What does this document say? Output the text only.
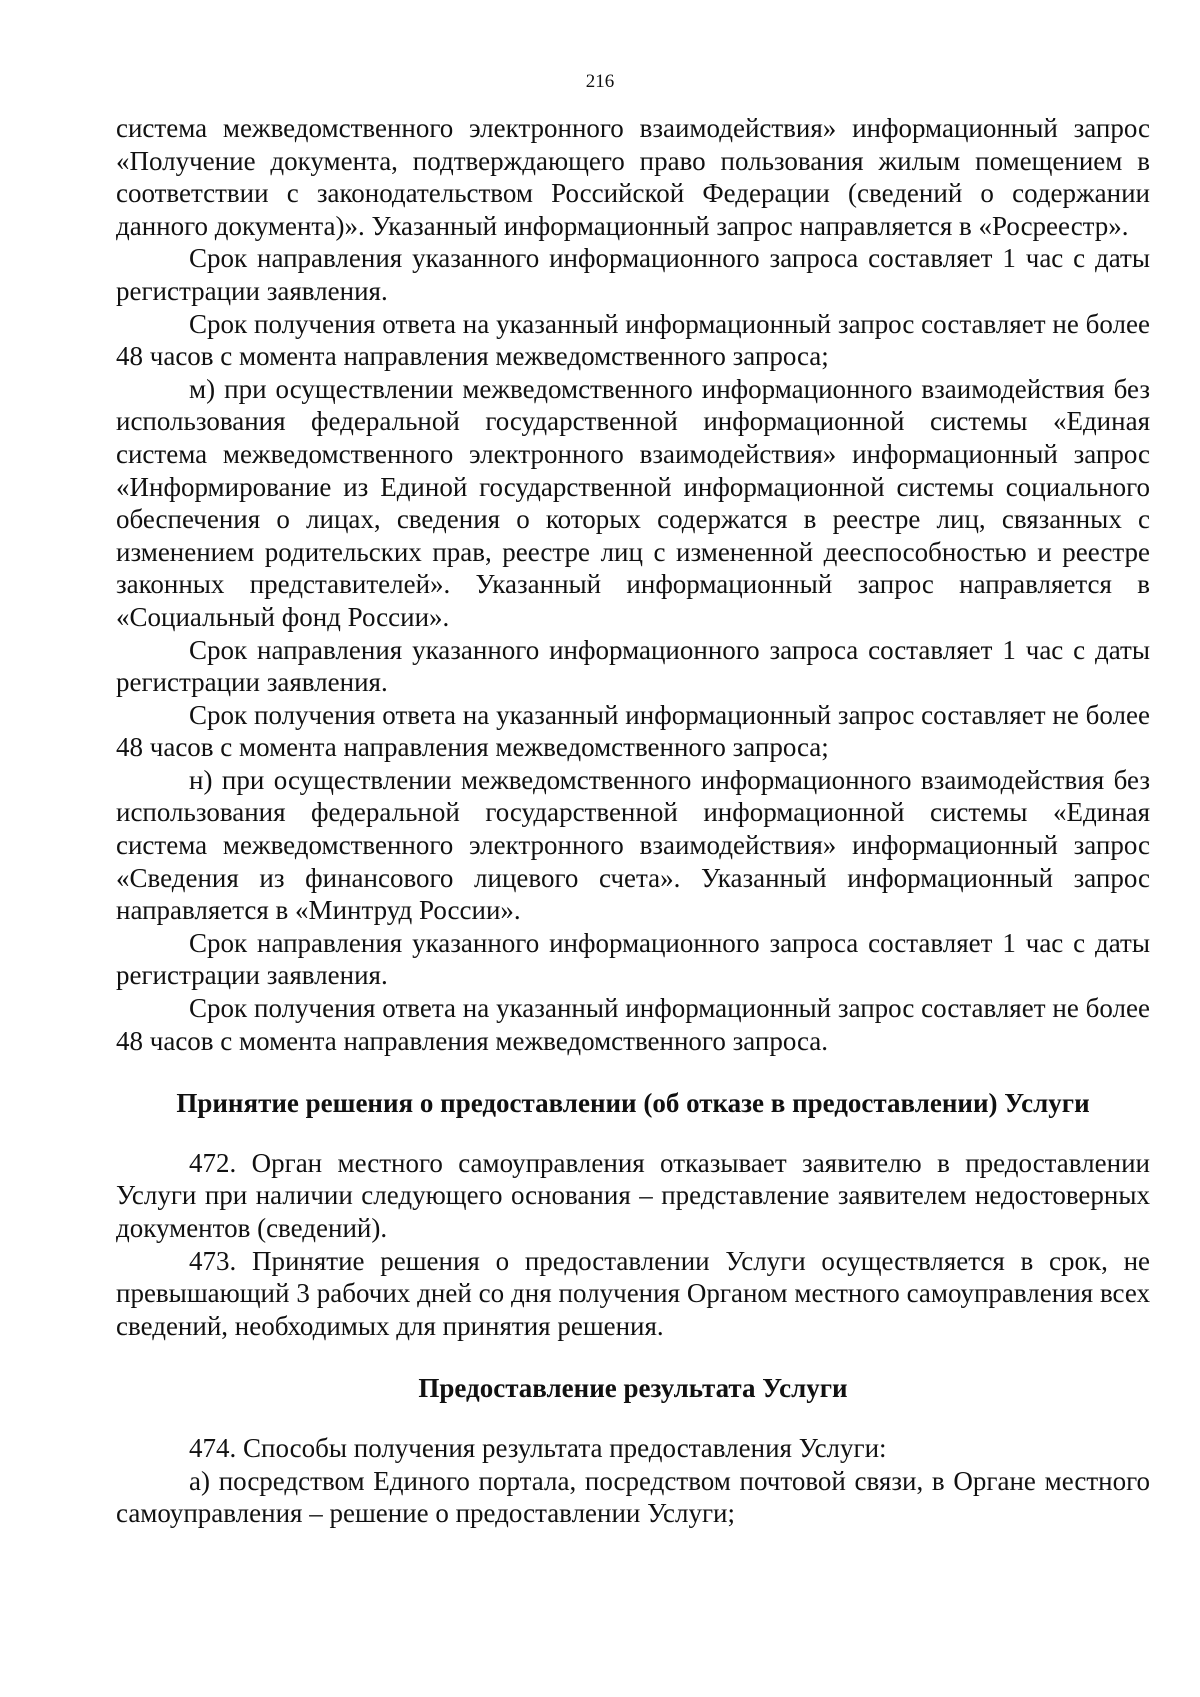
216

система межведомственного электронного взаимодействия» информационный запрос «Получение документа, подтверждающего право пользования жилым помещением в соответствии с законодательством Российской Федерации (сведений о содержании данного документа)». Указанный информационный запрос направляется в «Росреестр».

Срок направления указанного информационного запроса составляет 1 час с даты регистрации заявления.

Срок получения ответа на указанный информационный запрос составляет не более 48 часов с момента направления межведомственного запроса;

м) при осуществлении межведомственного информационного взаимодействия без использования федеральной государственной информационной системы «Единая система межведомственного электронного взаимодействия» информационный запрос «Информирование из Единой государственной информационной системы социального обеспечения о лицах, сведения о которых содержатся в реестре лиц, связанных с изменением родительских прав, реестре лиц с измененной дееспособностью и реестре законных представителей». Указанный информационный запрос направляется в «Социальный фонд России».

Срок направления указанного информационного запроса составляет 1 час с даты регистрации заявления.

Срок получения ответа на указанный информационный запрос составляет не более 48 часов с момента направления межведомственного запроса;

н) при осуществлении межведомственного информационного взаимодействия без использования федеральной государственной информационной системы «Единая система межведомственного электронного взаимодействия» информационный запрос «Сведения из финансового лицевого счета». Указанный информационный запрос направляется в «Минтруд России».

Срок направления указанного информационного запроса составляет 1 час с даты регистрации заявления.

Срок получения ответа на указанный информационный запрос составляет не более 48 часов с момента направления межведомственного запроса.

Принятие решения о предоставлении (об отказе в предоставлении) Услуги

472. Орган местного самоуправления отказывает заявителю в предоставлении Услуги при наличии следующего основания – представление заявителем недостоверных документов (сведений).

473. Принятие решения о предоставлении Услуги осуществляется в срок, не превышающий 3 рабочих дней со дня получения Органом местного самоуправления всех сведений, необходимых для принятия решения.

Предоставление результата Услуги

474. Способы получения результата предоставления Услуги:

а) посредством Единого портала, посредством почтовой связи, в Органе местного самоуправления – решение о предоставлении Услуги;
